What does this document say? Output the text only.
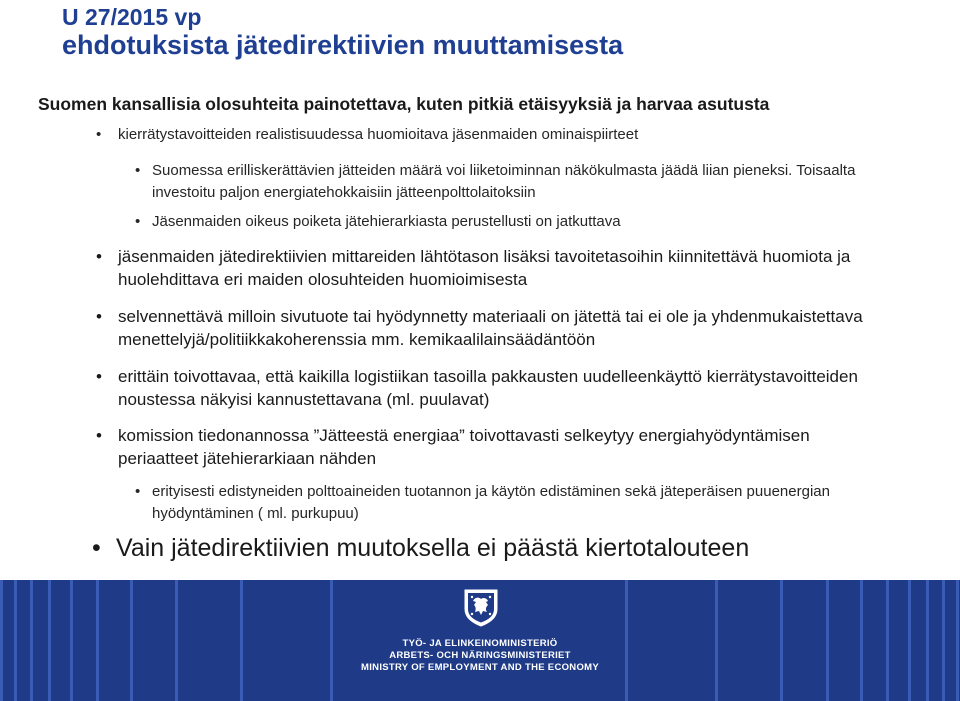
U 27/2015 vp
ehdotuksista jätedirektiivien muuttamisesta

Suomen kansallisia olosuhteita painotettava, kuten pitkiä etäisyyksiä ja harvaa asutusta

• kierrätystavoitteiden realistisuudessa huomioitava jäsenmaiden ominaispiirteet

• Suomessa erilliskerättävien jätteiden määrä voi liiketoiminnan näkökulmasta jäädä liian pieneksi. Toisaalta investoitu paljon energiatehokkaisiin jätteenpolttolaitoksiin

• Jäsenmaiden oikeus poiketa jätehierarkiasta perustellusti on jatkuttava

• jäsenmaiden jätedirektiivien mittareiden lähtötason lisäksi tavoitetasoihin kiinnitettävä huomiota ja huolehdittava eri maiden olosuhteiden huomioimisesta

• selvennettävä milloin sivutuote tai hyödynnetty materiaali on jätettä tai ei ole ja yhdenmukaistettava menettelyjä/politiikkakoherenssia mm. kemikaalilainsäädäntöön

• erittäin toivottavaa, että kaikilla logistiikan tasoilla pakkausten uudelleenkäyttö kierrätystavoitteiden noustessa näkyisi kannustettavana (ml. puulavat)

• komission tiedonannossa ”Jätteestä energiaa” toivottavasti selkeytyy energiahyödyntämisen periaatteet jätehierarkiaan nähden

• erityisesti edistyneiden polttoaineiden tuotannon ja käytön edistäminen sekä jäteperäisen puuenergian hyödyntäminen ( ml. purkupuu)

• Vain jätedirektiivien muutoksella ei päästä kiertotalouteen

TYÖ- JA ELINKEINOMINISTERIÖ

ARBETS- OCH NÄRINGSMINISTERIET

MINISTRY OF EMPLOYMENT AND THE ECONOMY
